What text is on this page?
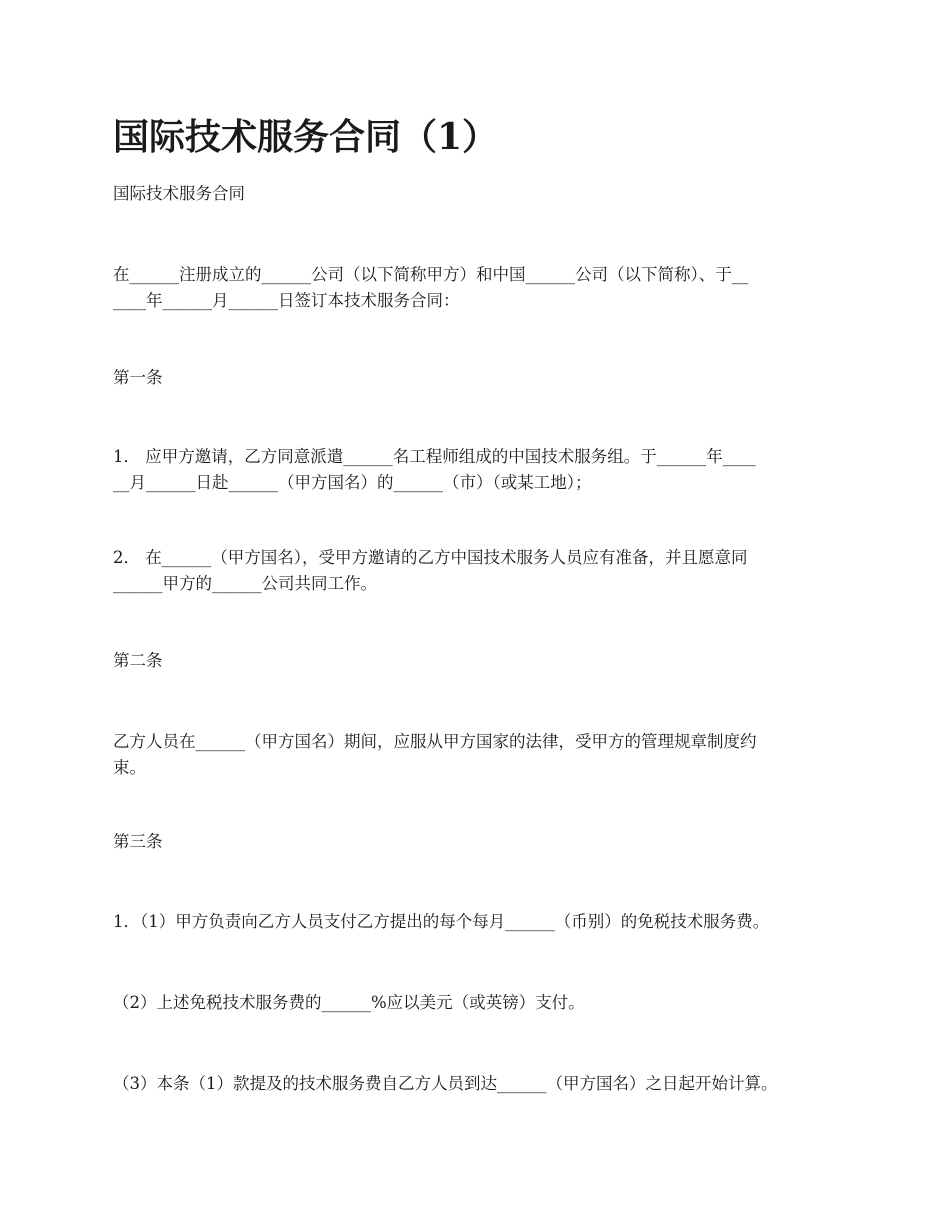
国际技术服务合同（1）

国际技术服务合同

在______注册成立的______公司（以下简称甲方）和中国______公司（以下简称）、于__
____年______月______日签订本技术服务合同：

第一条

1． 应甲方邀请，乙方同意派遣______名工程师组成的中国技术服务组。于______年____
__月______日赴______（甲方国名）的______（市）（或某工地）；

2． 在______（甲方国名），受甲方邀请的乙方中国技术服务人员应有准备，并且愿意同
______甲方的______公司共同工作。

第二条

乙方人员在______（甲方国名）期间，应服从甲方国家的法律，受甲方的管理规章制度约
束。

第三条

1．（1）甲方负责向乙方人员支付乙方提出的每个每月______（币别）的免税技术服务费。

（2）上述免税技术服务费的______%应以美元（或英镑）支付。

（3）本条（1）款提及的技术服务费自乙方人员到达______（甲方国名）之日起开始计算。
